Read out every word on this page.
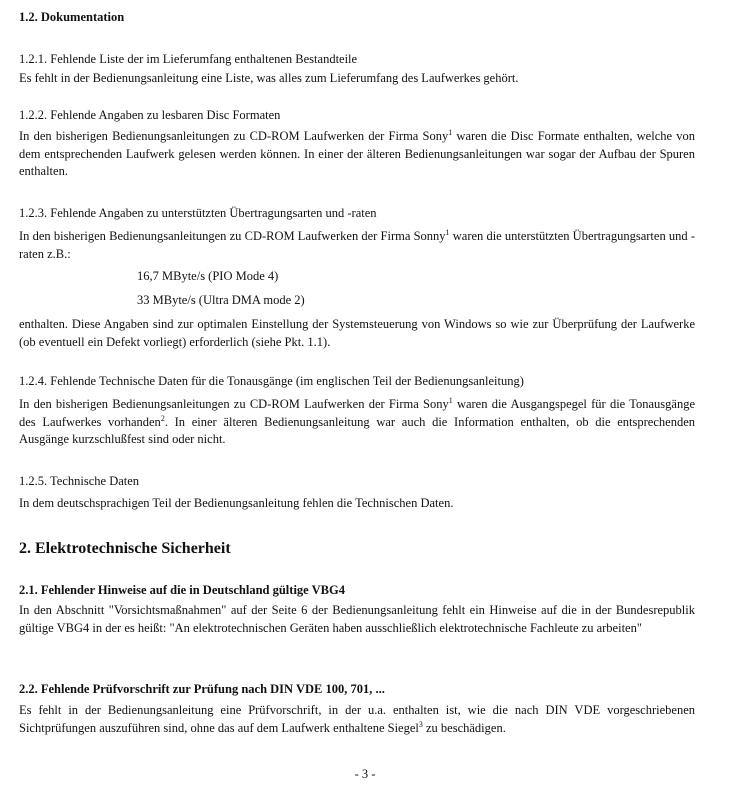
1.2. Dokumentation
1.2.1. Fehlende Liste der im Lieferumfang enthaltenen Bestandteile
Es fehlt in der Bedienungsanleitung eine Liste, was alles zum Lieferumfang des Laufwerkes gehört.
1.2.2. Fehlende Angaben zu lesbaren Disc Formaten
In den bisherigen Bedienungsanleitungen zu CD-ROM Laufwerken der Firma Sony$^1$ waren die Disc Formate enthalten, welche von dem entsprechenden Laufwerk gelesen werden können. In einer der älteren Bedienungsanleitungen war sogar der Aufbau der Spuren enthalten.
1.2.3. Fehlende Angaben zu unterstützten Übertragungsarten und -raten
In den bisherigen Bedienungsanleitungen zu CD-ROM Laufwerken der Firma Sonny$^1$ waren die unterstützten Übertragungsarten und -raten z.B.:
16,7 MByte/s (PIO Mode 4)
33 MByte/s (Ultra DMA mode 2)
enthalten. Diese Angaben sind zur optimalen Einstellung der Systemsteuerung von Windows so wie zur Überprüfung der Laufwerke (ob eventuell ein Defekt vorliegt) erforderlich (siehe Pkt. 1.1).
1.2.4. Fehlende Technische Daten für die Tonausgänge (im englischen Teil der Bedienungsanleitung)
In den bisherigen Bedienungsanleitungen zu CD-ROM Laufwerken der Firma Sony$^1$ waren die Ausgangspegel für die Tonausgänge des Laufwerkes vorhanden$^2$. In einer älteren Bedienungsanleitung war auch die Information enthalten, ob die entsprechenden Ausgänge kurzschlußfest sind oder nicht.
1.2.5. Technische Daten
In dem deutschsprachigen Teil der Bedienungsanleitung fehlen die Technischen Daten.
2. Elektrotechnische Sicherheit
2.1. Fehlender Hinweise auf die in Deutschland gültige VBG4
In den Abschnitt "Vorsichtsmaßnahmen" auf der Seite 6 der Bedienungsanleitung fehlt ein Hinweise auf die in der Bundesrepublik gültige VBG4 in der es heißt: "An elektrotechnischen Geräten haben ausschließlich elektrotechnische Fachleute zu arbeiten"
2.2. Fehlende Prüfvorschrift zur Prüfung nach DIN VDE 100, 701, ...
Es fehlt in der Bedienungsanleitung eine Prüfvorschrift, in der u.a. enthalten ist, wie die nach DIN VDE vorgeschriebenen Sichtprüfungen auszuführen sind, ohne das auf dem Laufwerk enthaltene Siegel$^3$ zu beschädigen.
- 3 -
